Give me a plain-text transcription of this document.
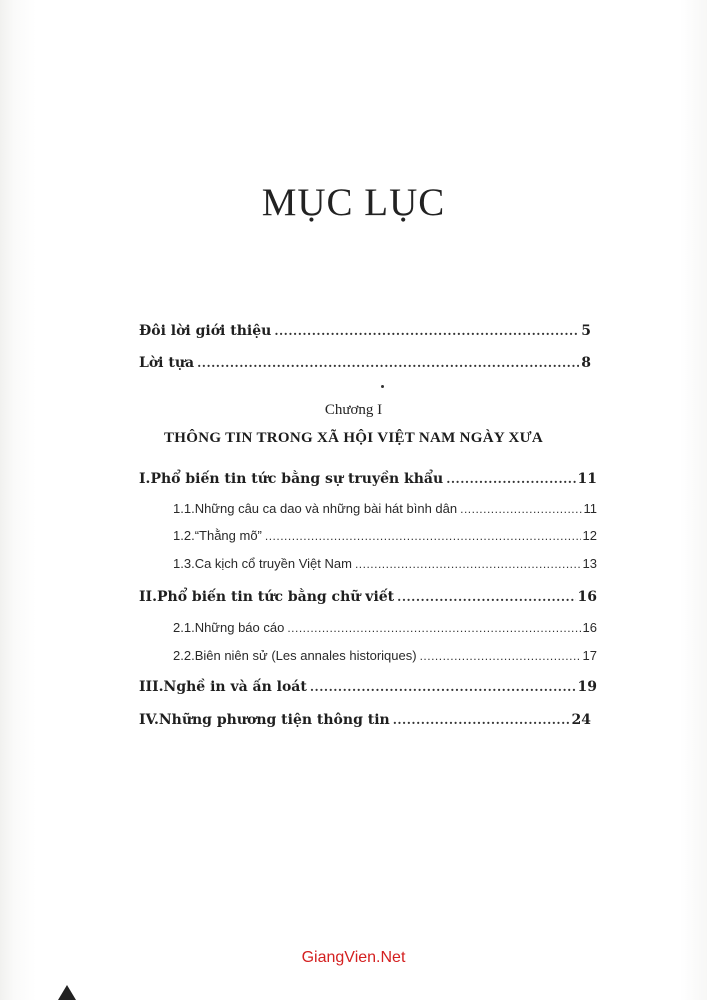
MỤC LỤC
Đôi lời giới thiệu .....	5
Lời tựa .....	8
Chương I
THÔNG TIN TRONG XÃ HỘI VIỆT NAM NGÀY XƯA
I. Phổ biến tin tức bằng sự truyền khẩu .....	11
1.1. Những câu ca dao và những bài hát bình dân .....	11
1.2. “Thằng mõ” .....	12
1.3. Ca kịch cổ truyền Việt Nam .....	13
II. Phổ biến tin tức bằng chữ viết .....	16
2.1. Những báo cáo .....	16
2.2. Biên niên sử (Les annales historiques) .....	17
III. Nghề in và ấn loát .....	19
IV. Những phương tiện thông tin .....	24
GiangVien.Net
